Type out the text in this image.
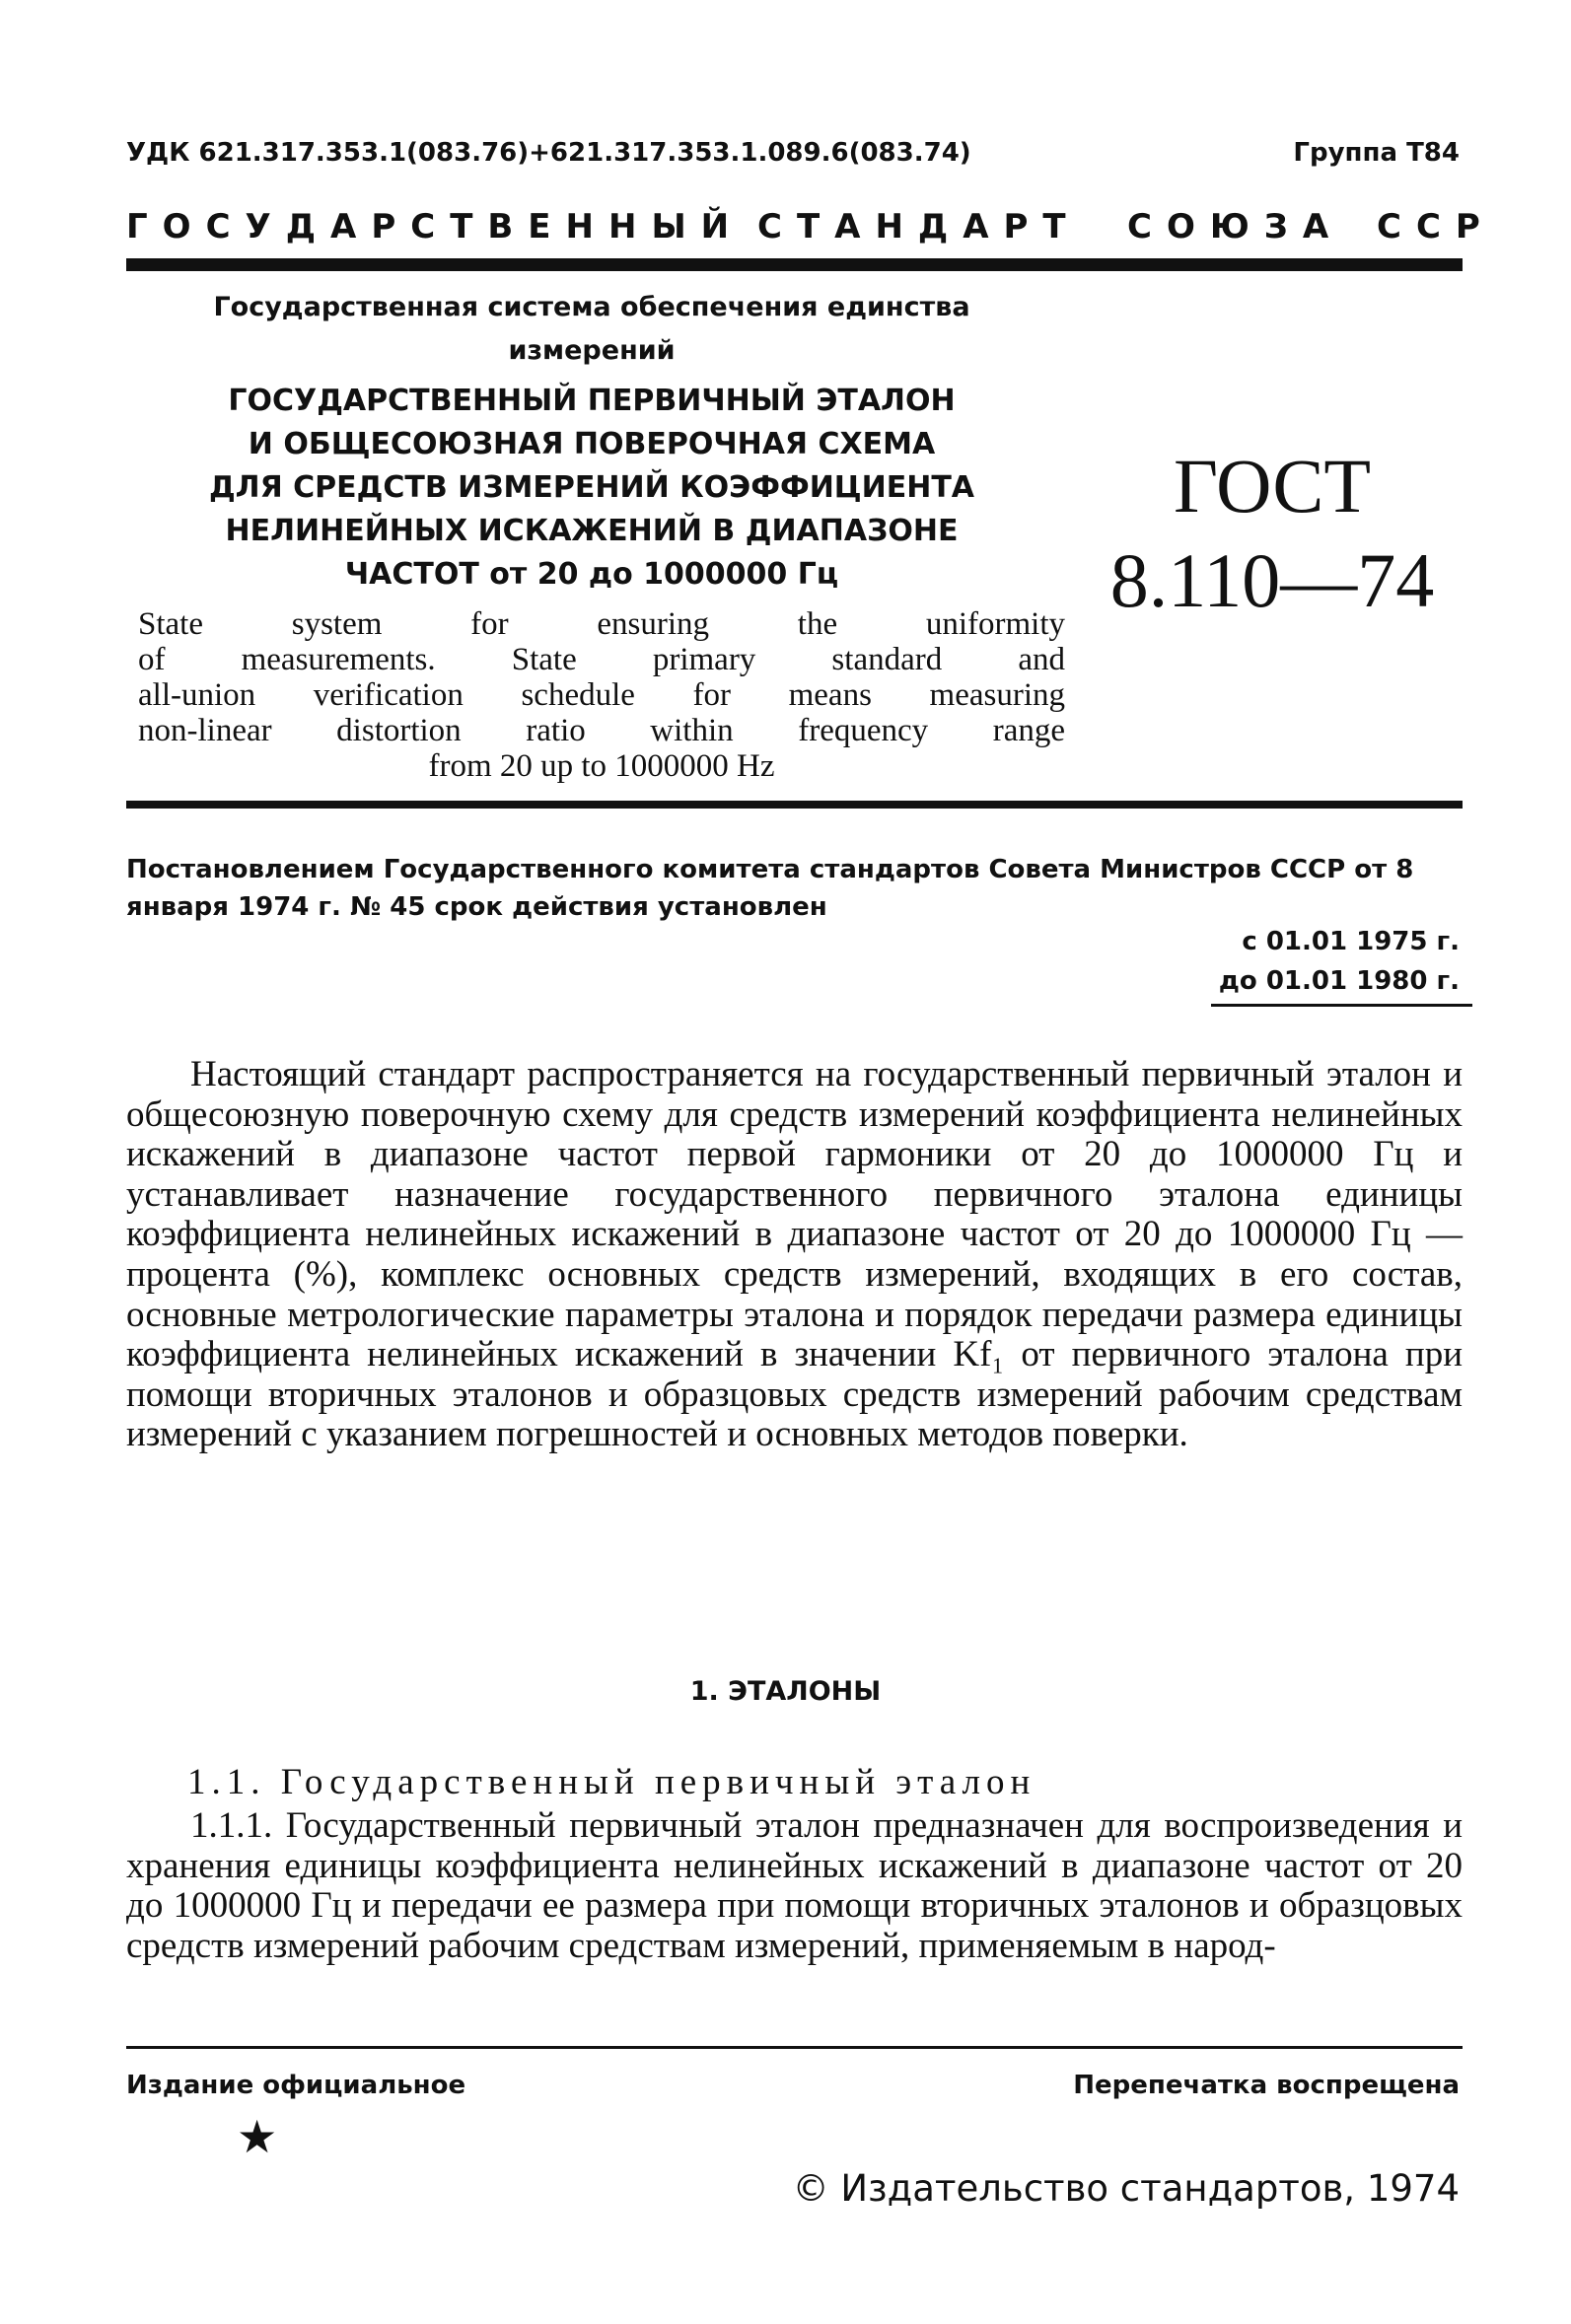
УДК 621.317.353.1(083.76)+621.317.353.1.089.6(083.74)	Группа Т84
ГОСУДАРСТВЕННЫЙ СТАНДАРТ СОЮЗА ССР
Государственная система обеспечения единства
измерений
ГОСУДАРСТВЕННЫЙ ПЕРВИЧНЫЙ ЭТАЛОН
И ОБЩЕСОЮЗНАЯ ПОВЕРОЧНАЯ СХЕМА
ДЛЯ СРЕДСТВ ИЗМЕРЕНИЙ КОЭФФИЦИЕНТА
НЕЛИНЕЙНЫХ ИСКАЖЕНИЙ В ДИАПАЗОНЕ
ЧАСТОТ от 20 до 1000000 Гц
State system for ensuring the uniformity
of measurements. State primary standard and
all-union verification schedule for means measuring
non-linear distortion ratio within frequency range
from 20 up to 1000000 Hz
ГОСТ
8.110—74
Постановлением Государственного комитета стандартов Совета Министров СССР от 8 января 1974 г. № 45 срок действия установлен
с 01.01 1975 г.
до 01.01 1980 г.
Настоящий стандарт распространяется на государственный первичный эталон и общесоюзную поверочную схему для средств измерений коэффициента нелинейных искажений в диапазоне частот первой гармоники от 20 до 1000000 Гц и устанавливает назначение государственного первичного эталона единицы коэффициента нелинейных искажений в диапазоне частот от 20 до 1000000 Гц — процента (%), комплекс основных средств измерений, входящих в его состав, основные метрологические параметры эталона и порядок передачи размера единицы коэффициента нелинейных искажений в значении Kf₁ от первичного эталона при помощи вторичных эталонов и образцовых средств измерений рабочим средствам измерений с указанием погрешностей и основных методов поверки.
1. ЭТАЛОНЫ
1.1. Государственный первичный эталон
1.1.1. Государственный первичный эталон предназначен для воспроизведения и хранения единицы коэффициента нелинейных искажений в диапазоне частот от 20 до 1000000 Гц и передачи ее размера при помощи вторичных эталонов и образцовых средств измерений рабочим средствам измерений, применяемым в народ-
Издание официальное	Перепечатка воспрещена
★
© Издательство стандартов, 1974
